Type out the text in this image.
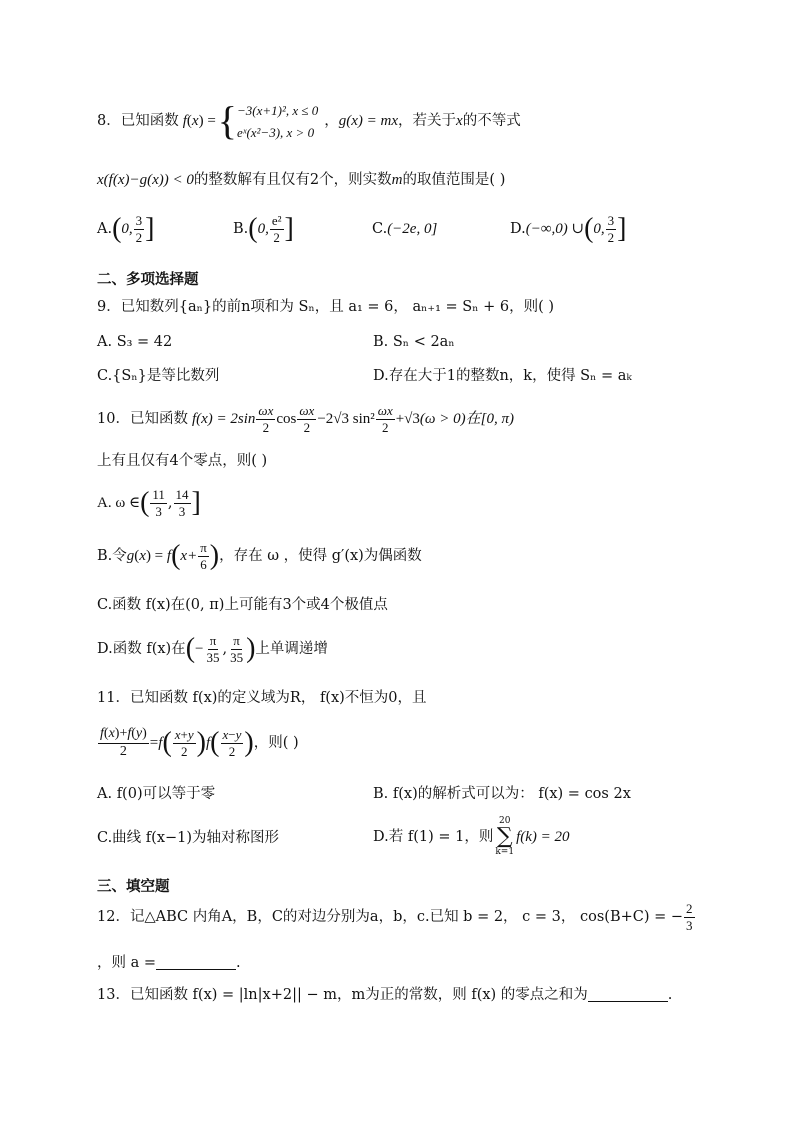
8．已知函数 f(x) = { −3(x+1)², x ≤ 0
eˣ(x²−3), x > 0
， g(x) = mx ，若关于 x 的不等式
x(f(x)−g(x)) < 0 的整数解有且仅有2个，则实数 m 的取值范围是( )
A. ( 0,
3
2 ]	B. ( 0,
e²
2 ]	C. (−2e, 0]	D. (−∞,0) ∪ ( 0,
3
2 ]
二、多项选择题
9．已知数列{aₙ}的前n项和为 Sₙ，且 a₁ = 6， aₙ₊₁ = Sₙ + 6，则( )
A. S₃ = 42	B. Sₙ < 2aₙ
C.{Sₙ}是等比数列	D.存在大于1的整数n，k，使得 Sₙ = aₖ
10．已知函数 f(x) = 2sin
ωx
2
cos
ωx
2
−2√3 sin²
ωx
2
+√3 (ω > 0)在[0, π)
上有且仅有4个零点，则( )
A. ω ∈ ( 11
3
,
14
3 ]
B.令 g(x) = f ( $x+ \frac{\pi}{6}$ ) ，存在 ω ，使得 g′(x)为偶函数
C.函数 f(x)在(0, π)上可能有3个或4个极值点
D.函数 f(x)在 ( − $\frac{\pi}{35}$ ,
π
35 ) 上单调递增
11．已知函数 f(x)的定义域为R， f(x)不恒为0，且
$\frac{f(x)+f(y)}{2} = f$ ( x+y
2 ) f ( x−y
2 ) ，则( )
A. f(0)可以等于零	B. f(x)的解析式可以为： f(x) = cos 2x
C.曲线 f(x−1)为轴对称图形	D.若 f(1) = 1，则
20
∑
k=1
f(k) = 20
三、填空题
12．记△ABC 内角A，B，C的对边分别为a，b，c.已知 b = 2， c = 3， cos(B+C) = − $\frac{2}{3}$
，则 a =	.
13．已知函数 f(x) = |ln|x+2|| − m，m为正的常数，则 f(x) 的零点之和为	.
